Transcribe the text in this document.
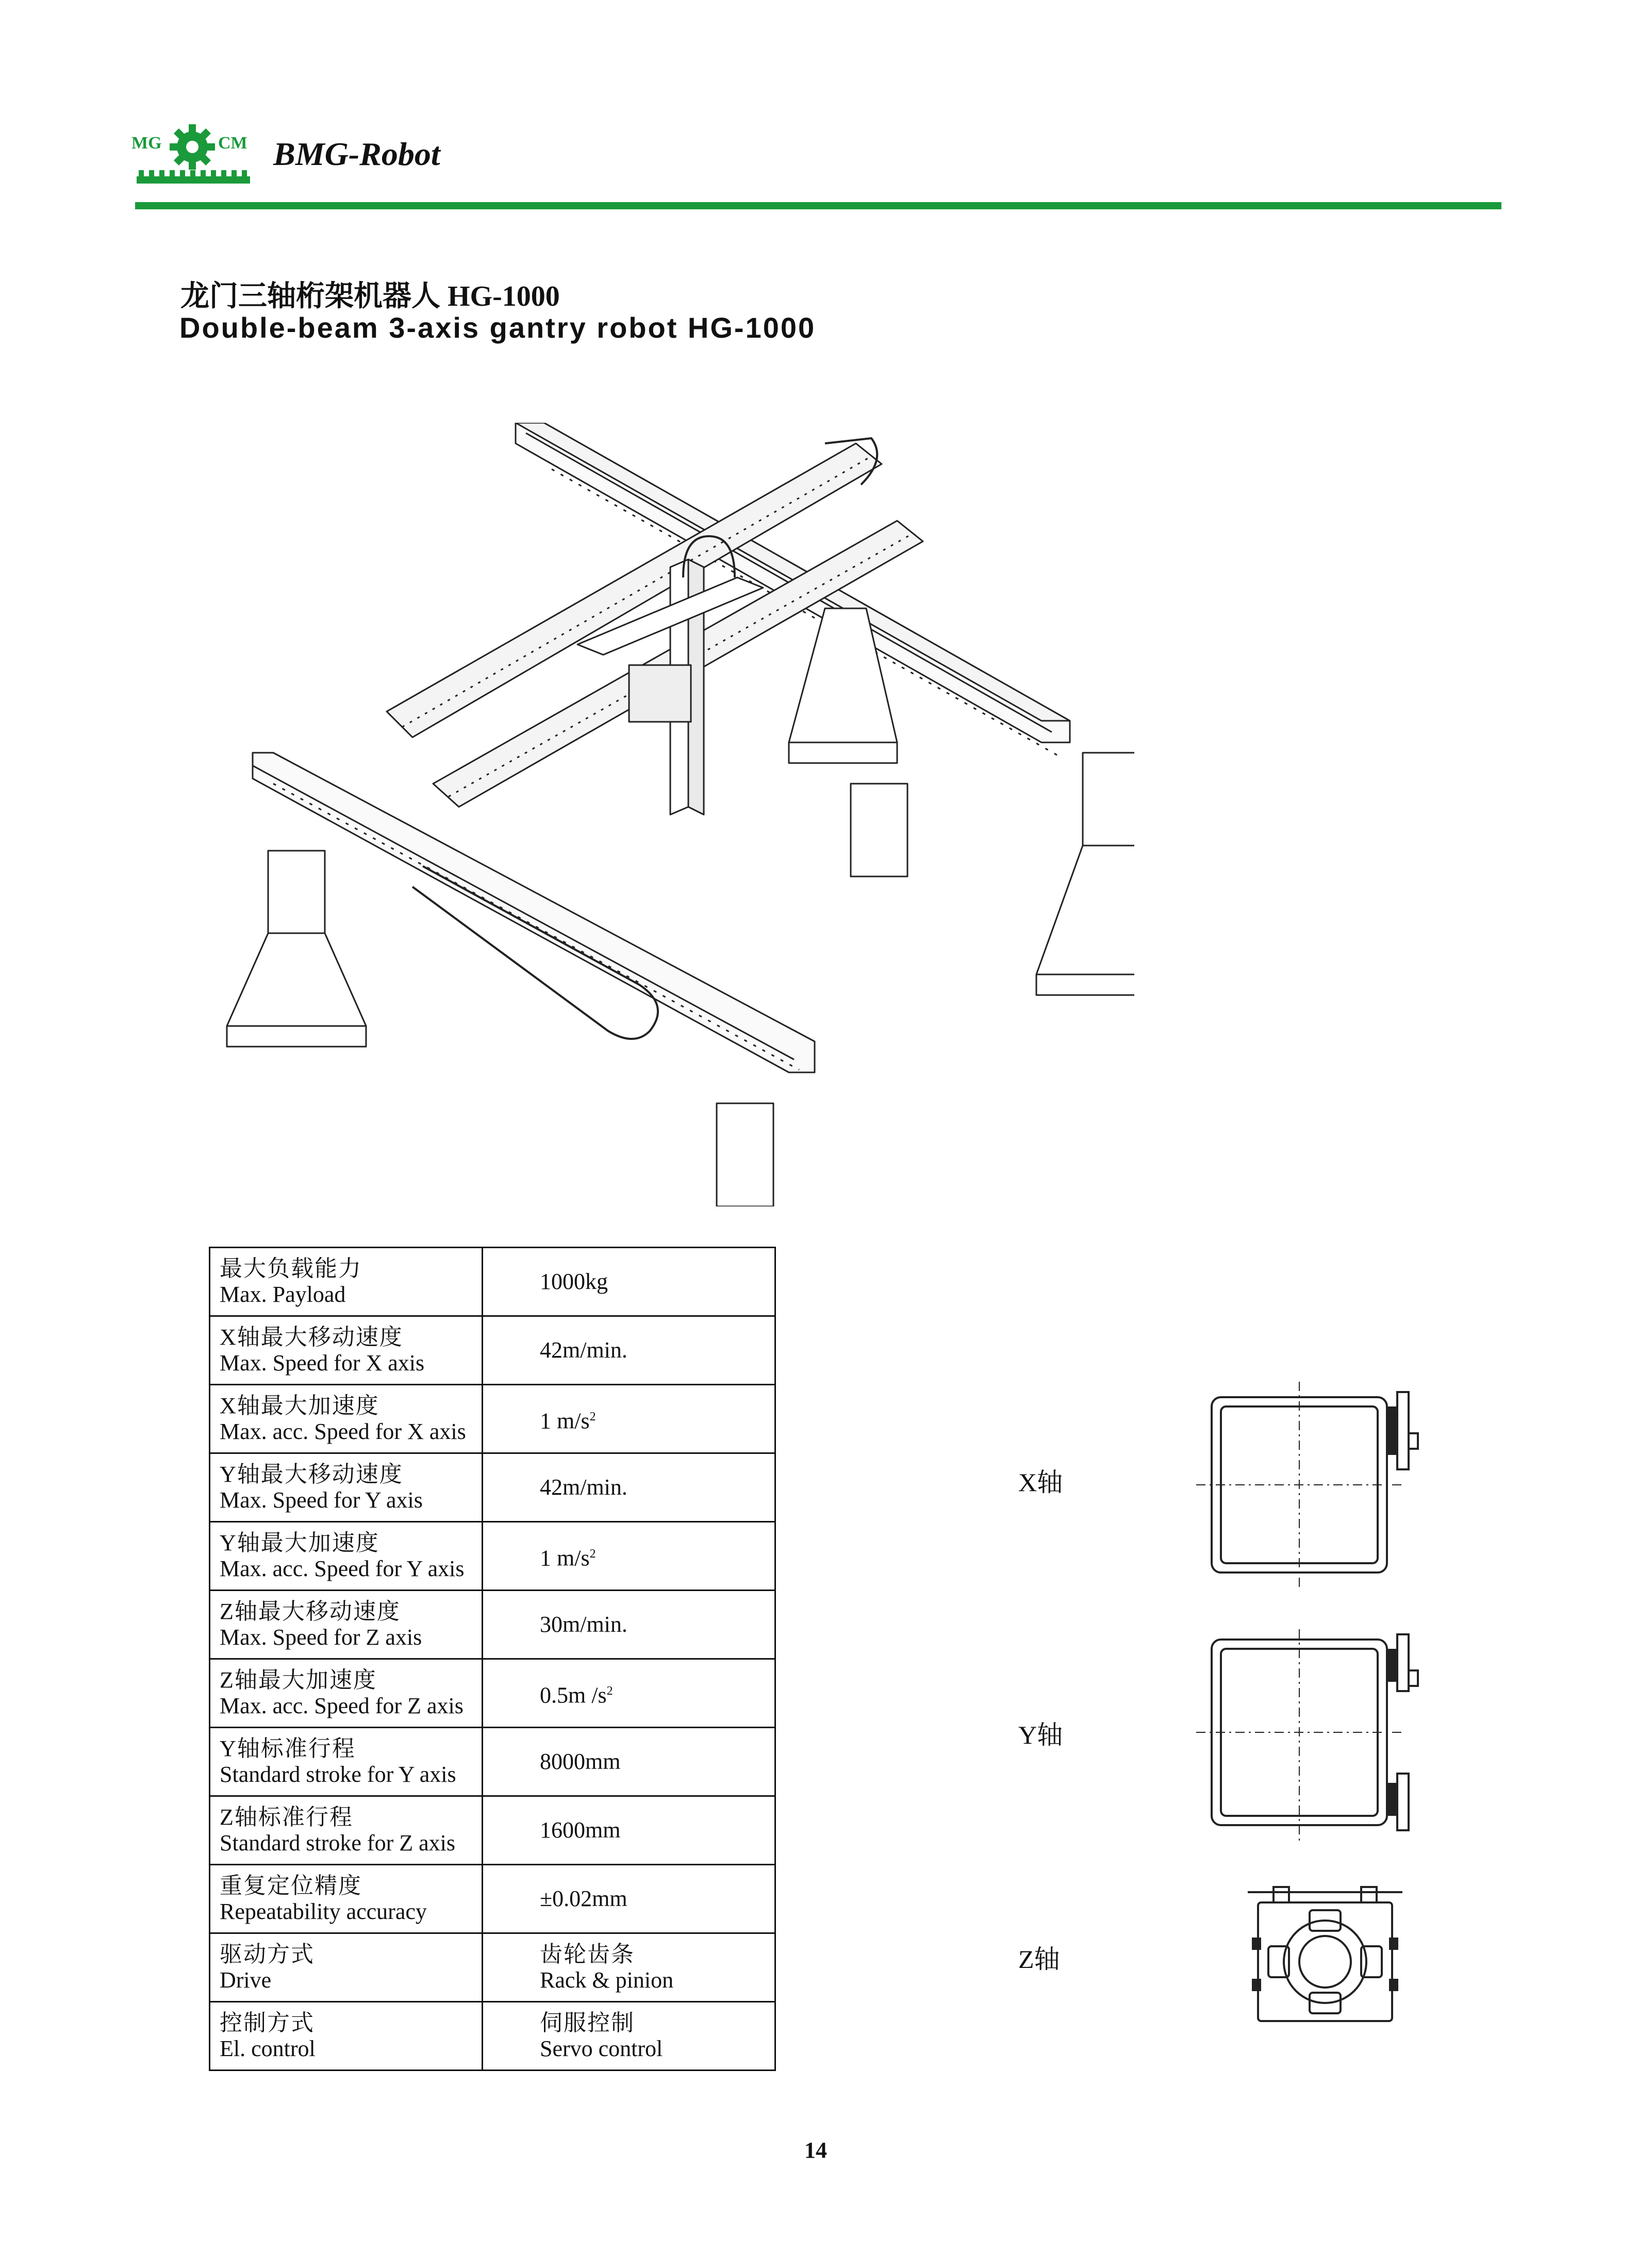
MG	CM BMG-Robot
龙门三轴桁架机器人 HG-1000
Double-beam 3-axis gantry robot HG-1000
最大负载能力
Max. Payload	1000kg

X轴最大移动速度
Max. Speed for X axis	42m/min.

X轴最大加速度
Max. acc. Speed for X axis	1 $m/s^2$

Y轴最大移动速度
Max. Speed for Y axis	42m/min.

Y轴最大加速度
Max. acc. Speed for Y axis	1 $m/s^2$

Z轴最大移动速度
Max. Speed for Z axis	30m/min.

Z轴最大加速度
Max. acc. Speed for Z axis	0.5m $/s^2$

Y轴标准行程
Standard stroke for Y axis	8000mm

Z轴标准行程
Standard stroke for Z axis	1600mm

重复定位精度
Repeatability accuracy	±0.02mm

驱动方式
Drive	齿轮齿条
Rack & pinion

控制方式
El. control	伺服控制
Servo control
X轴
Y轴
Z轴
14
